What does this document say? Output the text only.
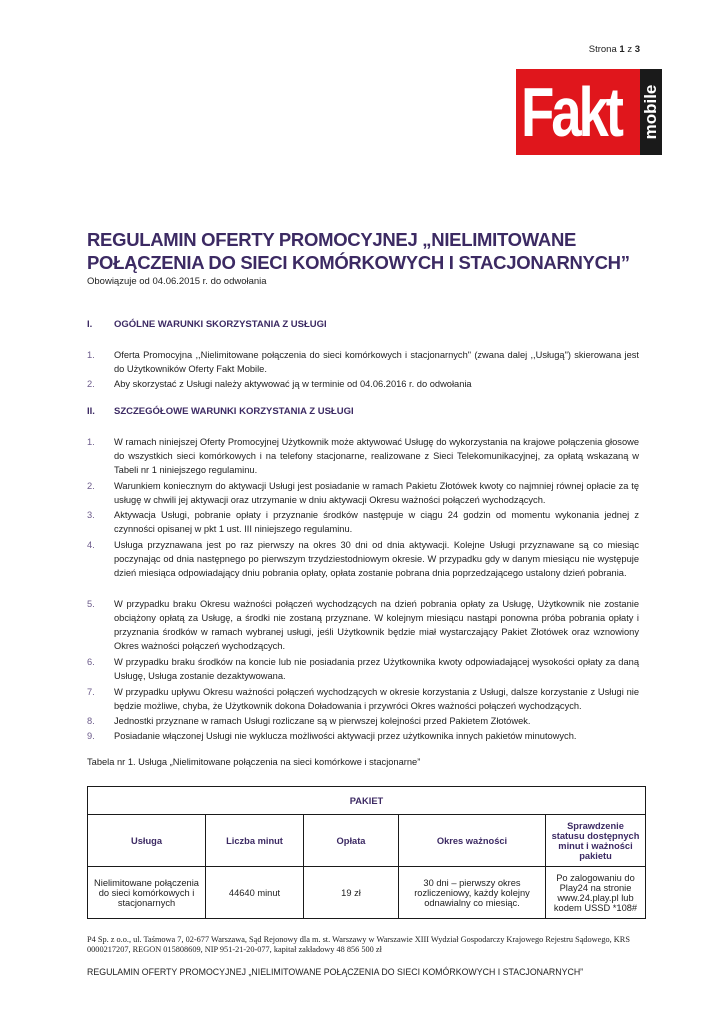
Strona 1 z 3
Fakt mobile
REGULAMIN OFERTY PROMOCYJNEJ „NIELIMITOWANE
POŁĄCZENIA DO SIECI KOMÓRKOWYCH I STACJONARNYCH”
Obowiązuje od 04.06.2015 r. do odwołania
I. OGÓLNE WARUNKI SKORZYSTANIA Z USŁUGI
1. Oferta Promocyjna ,,Nielimitowane połączenia do sieci komórkowych i stacjonarnych" (zwana dalej ,,Usługą") skierowana jest do Użytkowników Oferty Fakt Mobile.
2. Aby skorzystać z Usługi należy aktywować ją w terminie od 04.06.2016 r. do odwołania
II. SZCZEGÓŁOWE WARUNKI KORZYSTANIA Z USŁUGI
1. W ramach niniejszej Oferty Promocyjnej Użytkownik może aktywować Usługę do wykorzystania na krajowe połączenia głosowe do wszystkich sieci komórkowych i na telefony stacjonarne, realizowane z Sieci Telekomunikacyjnej, za opłatą wskazaną w Tabeli nr 1 niniejszego regulaminu.
2. Warunkiem koniecznym do aktywacji Usługi jest posiadanie w ramach Pakietu Złotówek kwoty co najmniej równej opłacie za tę usługę w chwili jej aktywacji oraz utrzymanie w dniu aktywacji Okresu ważności połączeń wychodzących.
3. Aktywacja Usługi, pobranie opłaty i przyznanie środków następuje w ciągu 24 godzin od momentu wykonania jednej z czynności opisanej w pkt 1 ust. III niniejszego regulaminu.
4. Usługa przyznawana jest po raz pierwszy na okres 30 dni od dnia aktywacji. Kolejne Usługi przyznawane są co miesiąc poczynając od dnia następnego po pierwszym trzydziestodniowym okresie. W przypadku gdy w danym miesiącu nie występuje dzień miesiąca odpowiadający dniu pobrania opłaty, opłata zostanie pobrana dnia poprzedzającego ustalony dzień pobrania.
5. W przypadku braku Okresu ważności połączeń wychodzących na dzień pobrania opłaty za Usługę, Użytkownik nie zostanie obciążony opłatą za Usługę, a środki nie zostaną przyznane. W kolejnym miesiącu nastąpi ponowna próba pobrania opłaty i przyznania środków w ramach wybranej usługi, jeśli Użytkownik będzie miał wystarczający Pakiet Złotówek oraz wznowiony Okres ważności połączeń wychodzących.
6. W przypadku braku środków na koncie lub nie posiadania przez Użytkownika kwoty odpowiadającej wysokości opłaty za daną Usługę, Usługa zostanie dezaktywowana.
7. W przypadku upływu Okresu ważności połączeń wychodzących w okresie korzystania z Usługi, dalsze korzystanie z Usługi nie będzie możliwe, chyba, że Użytkownik dokona Doładowania i przywróci Okres ważności połączeń wychodzących.
8. Jednostki przyznane w ramach Usługi rozliczane są w pierwszej kolejności przed Pakietem Złotówek.
9. Posiadanie włączonej Usługi nie wyklucza możliwości aktywacji przez użytkownika innych pakietów minutowych.
Tabela nr 1. Usługa „Nielimitowane połączenia na sieci komórkowe i stacjonarne”
PAKIET				
Usługa	Liczba minut	Opłata	Okres ważności	Sprawdzenie statusu dostępnych minut i ważności pakietu
Nielimitowane połączenia do sieci komórkowych i stacjonarnych	44640 minut	19 zł	30 dni – pierwszy okres rozliczeniowy, każdy kolejny odnawialny co miesiąc.	Po zalogowaniu do Play24 na stronie www.24.play.pl lub kodem USSD *108#
P4 Sp. z o.o., ul. Taśmowa 7, 02-677 Warszawa, Sąd Rejonowy dla m. st. Warszawy w Warszawie XIII Wydział Gospodarczy Krajowego Rejestru Sądowego, KRS
0000217207, REGON 015808609, NIP 951-21-20-077, kapitał zakładowy 48 856 500 zł
REGULAMIN OFERTY PROMOCYJNEJ „NIELIMITOWANE POŁĄCZENIA DO SIECI KOMÓRKOWYCH I STACJONARNYCH”
